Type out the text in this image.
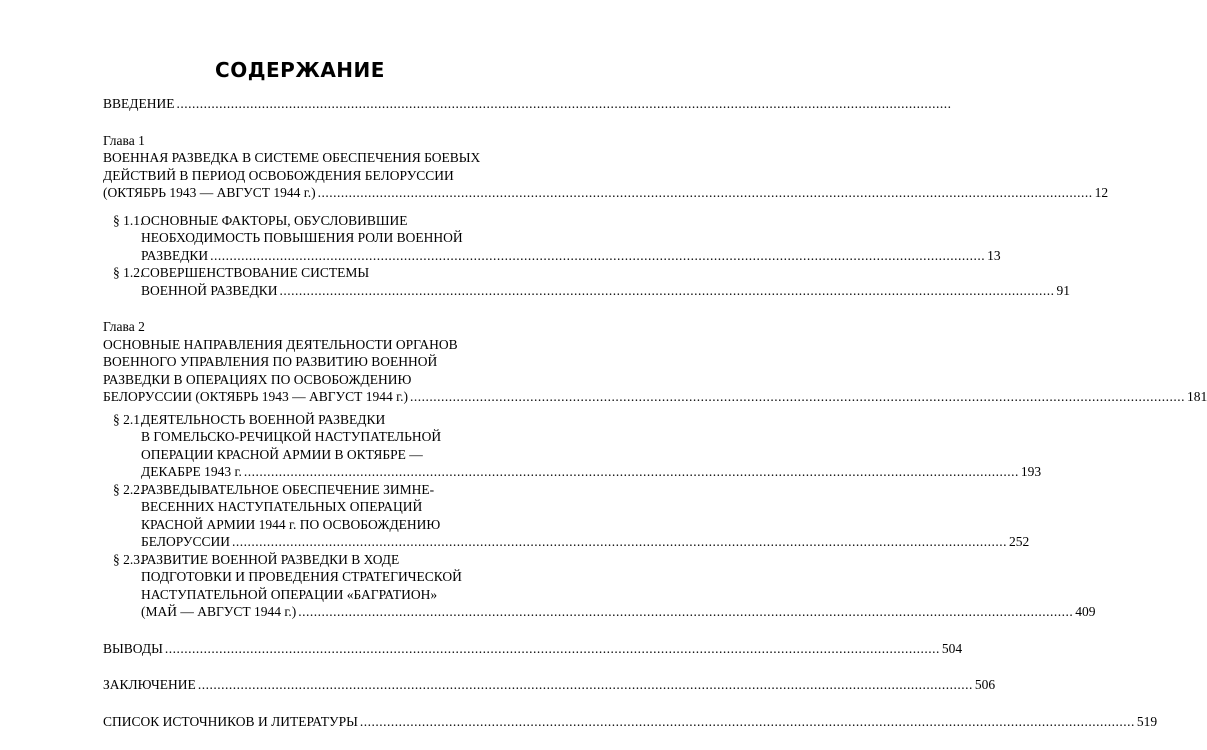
СОДЕРЖАНИЕ
ВВЕДЕНИЕ ........................................................................................................................................................................................................
Глава 1
ВОЕННАЯ РАЗВЕДКА В СИСТЕМЕ ОБЕСПЕЧЕНИЯ БОЕВЫХ
ДЕЙСТВИЙ В ПЕРИОД ОСВОБОЖДЕНИЯ БЕЛОРУССИИ
(ОКТЯБРЬ 1943 — АВГУСТ 1944 г.) ........................................................................................................................................................................................................ 12
§ 1.1.
ОСНОВНЫЕ ФАКТОРЫ, ОБУСЛОВИВШИЕ
НЕОБХОДИМОСТЬ ПОВЫШЕНИЯ РОЛИ ВОЕННОЙ
РАЗВЕДКИ ........................................................................................................................................................................................................ 13
§ 1.2.
СОВЕРШЕНСТВОВАНИЕ СИСТЕМЫ
ВОЕННОЙ РАЗВЕДКИ ........................................................................................................................................................................................................ 91
Глава 2
ОСНОВНЫЕ НАПРАВЛЕНИЯ ДЕЯТЕЛЬНОСТИ ОРГАНОВ
ВОЕННОГО УПРАВЛЕНИЯ ПО РАЗВИТИЮ ВОЕННОЙ
РАЗВЕДКИ В ОПЕРАЦИЯХ ПО ОСВОБОЖДЕНИЮ
БЕЛОРУССИИ (ОКТЯБРЬ 1943 — АВГУСТ 1944 г.) ........................................................................................................................................................................................................ 181
§ 2.1.
ДЕЯТЕЛЬНОСТЬ ВОЕННОЙ РАЗВЕДКИ
В ГОМЕЛЬСКО-РЕЧИЦКОЙ НАСТУПАТЕЛЬНОЙ
ОПЕРАЦИИ КРАСНОЙ АРМИИ В ОКТЯБРЕ —
ДЕКАБРЕ 1943 г. ........................................................................................................................................................................................................ 193
§ 2.2.
РАЗВЕДЫВАТЕЛЬНОЕ ОБЕСПЕЧЕНИЕ ЗИМНЕ-
ВЕСЕННИХ НАСТУПАТЕЛЬНЫХ ОПЕРАЦИЙ
КРАСНОЙ АРМИИ 1944 г. ПО ОСВОБОЖДЕНИЮ
БЕЛОРУССИИ ........................................................................................................................................................................................................ 252
§ 2.3.
РАЗВИТИЕ ВОЕННОЙ РАЗВЕДКИ В ХОДЕ
ПОДГОТОВКИ И ПРОВЕДЕНИЯ СТРАТЕГИЧЕСКОЙ
НАСТУПАТЕЛЬНОЙ ОПЕРАЦИИ «БАГРАТИОН»
(МАЙ — АВГУСТ 1944 г.) ........................................................................................................................................................................................................ 409
ВЫВОДЫ ........................................................................................................................................................................................................ 504
ЗАКЛЮЧЕНИЕ ........................................................................................................................................................................................................ 506
СПИСОК ИСТОЧНИКОВ И ЛИТЕРАТУРЫ ........................................................................................................................................................................................................ 519
